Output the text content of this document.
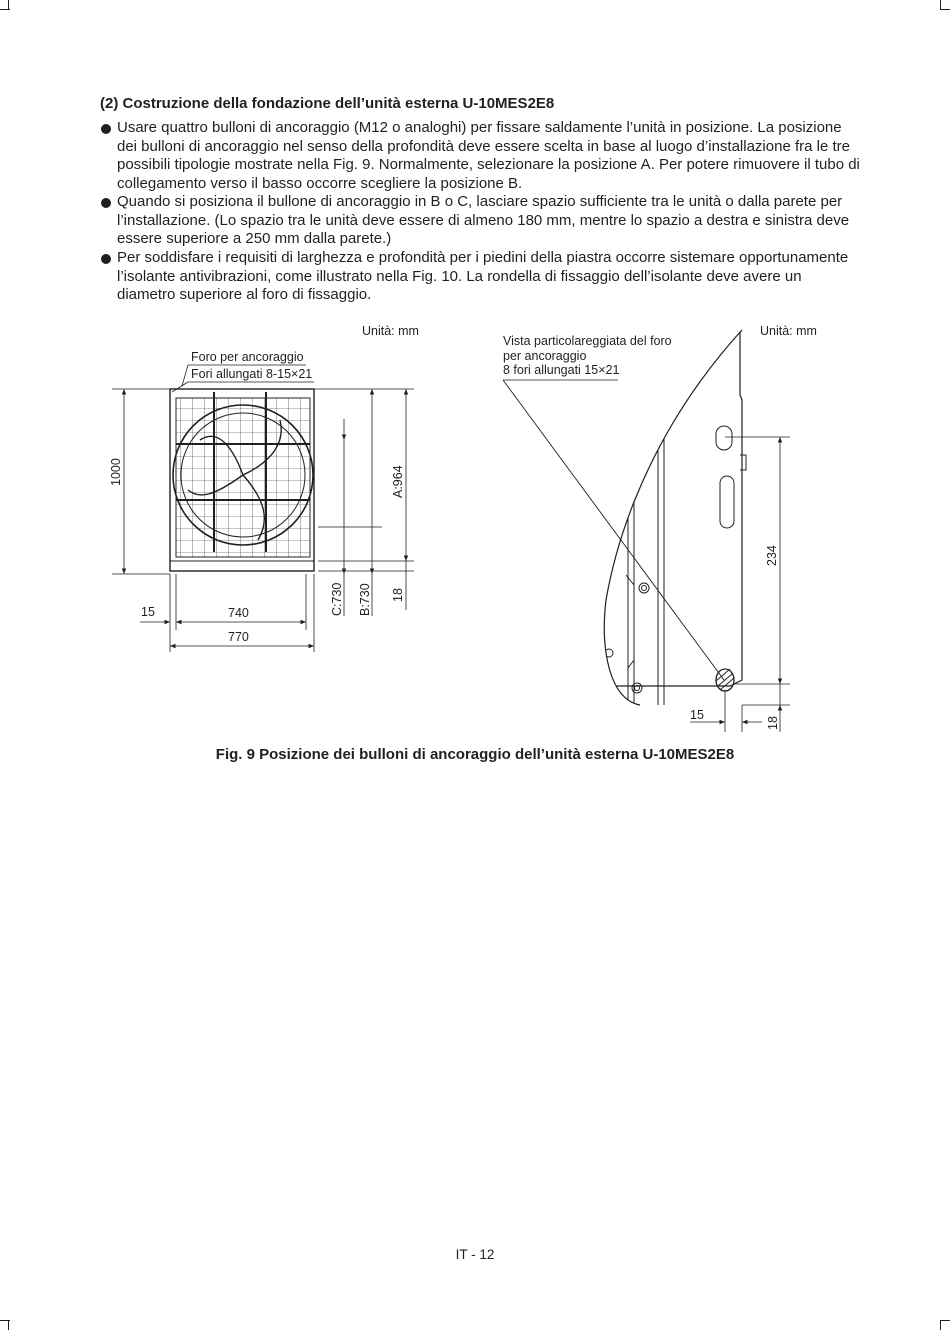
(2) Costruzione della fondazione dell’unità esterna U-10MES2E8
Usare quattro bulloni di ancoraggio (M12 o analoghi) per fissare saldamente l’unità in posizione. La posizione dei bulloni di ancoraggio nel senso della profondità deve essere scelta in base al luogo d’installazione fra le tre possibili tipologie mostrate nella Fig. 9. Normalmente, selezionare la posizione A. Per potere rimuovere il tubo di collegamento verso il basso occorre scegliere la posizione B.
Quando si posiziona il bullone di ancoraggio in B o C, lasciare spazio sufficiente tra le unità o dalla parete per l’installazione. (Lo spazio tra le unità deve essere di almeno 180 mm, mentre lo spazio a destra e sinistra deve essere superiore a 250 mm dalla parete.)
Per soddisfare i requisiti di larghezza e profondità per i piedini della piastra occorre sistemare opportunamente l’isolante antivibrazioni, come illustrato nella Fig. 10. La rondella di fissaggio dell’isolante deve avere un diametro superiore al foro di fissaggio.
Unità: mm
Foro per ancoraggio
Fori allungati 8-15×21
1000	A:964
B:730
C:730	18
15	740
770
Unità: mm
Vista particolareggiata del foro
per ancoraggio
8 fori allungati 15×21
234
15
18
Fig. 9 Posizione dei bulloni di ancoraggio dell’unità esterna U-10MES2E8
IT - 12
